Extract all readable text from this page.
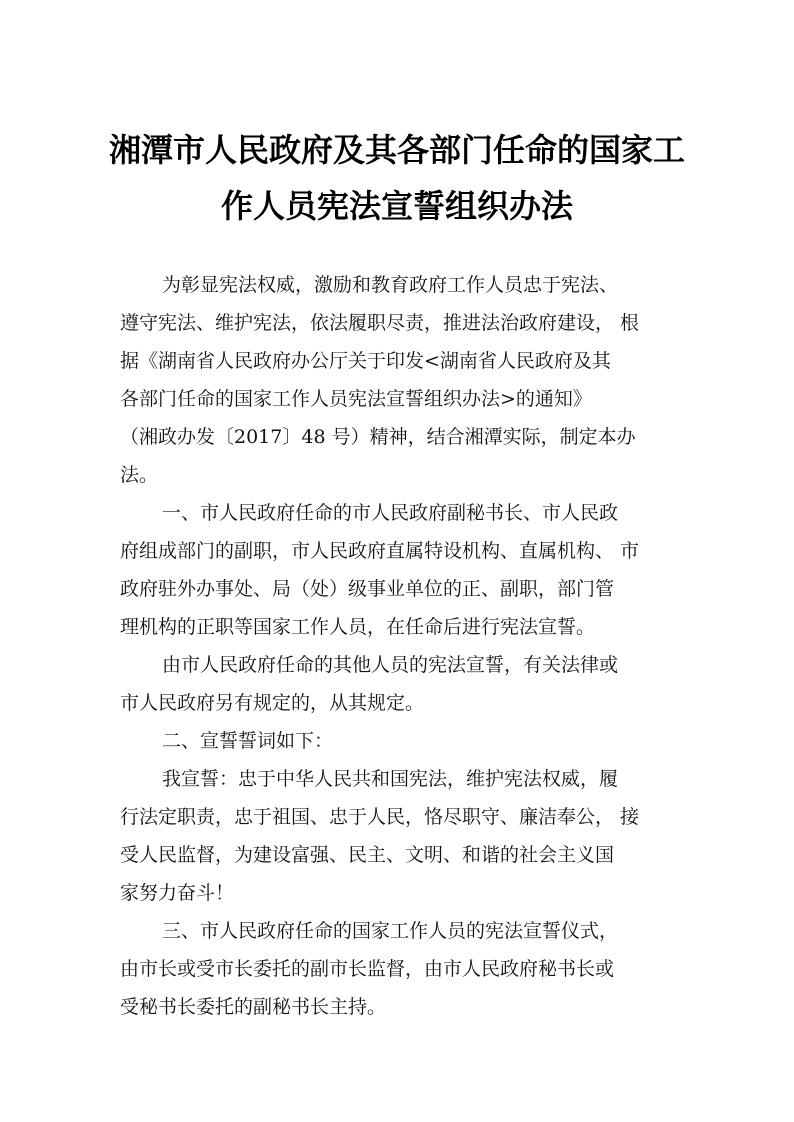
湘潭市人民政府及其各部门任命的国家工
作人员宪法宣誓组织办法
为彰显宪法权威，激励和教育政府工作人员忠于宪法、
遵守宪法、维护宪法，依法履职尽责，推进法治政府建设， 根
据《湖南省人民政府办公厅关于印发<湖南省人民政府及其
各部门任命的国家工作人员宪法宣誓组织办法>的通知》
（湘政办发〔2017〕48 号）精神，结合湘潭实际，制定本办
法。
一、市人民政府任命的市人民政府副秘书长、市人民政
府组成部门的副职，市人民政府直属特设机构、直属机构、 市
政府驻外办事处、局（处）级事业单位的正、副职，部门管
理机构的正职等国家工作人员，在任命后进行宪法宣誓。
由市人民政府任命的其他人员的宪法宣誓，有关法律或
市人民政府另有规定的，从其规定。
二、宣誓誓词如下：
我宣誓：忠于中华人民共和国宪法，维护宪法权威，履
行法定职责，忠于祖国、忠于人民，恪尽职守、廉洁奉公， 接
受人民监督，为建设富强、民主、文明、和谐的社会主义国
家努力奋斗！
三、市人民政府任命的国家工作人员的宪法宣誓仪式，
由市长或受市长委托的副市长监督，由市人民政府秘书长或
受秘书长委托的副秘书长主持。
